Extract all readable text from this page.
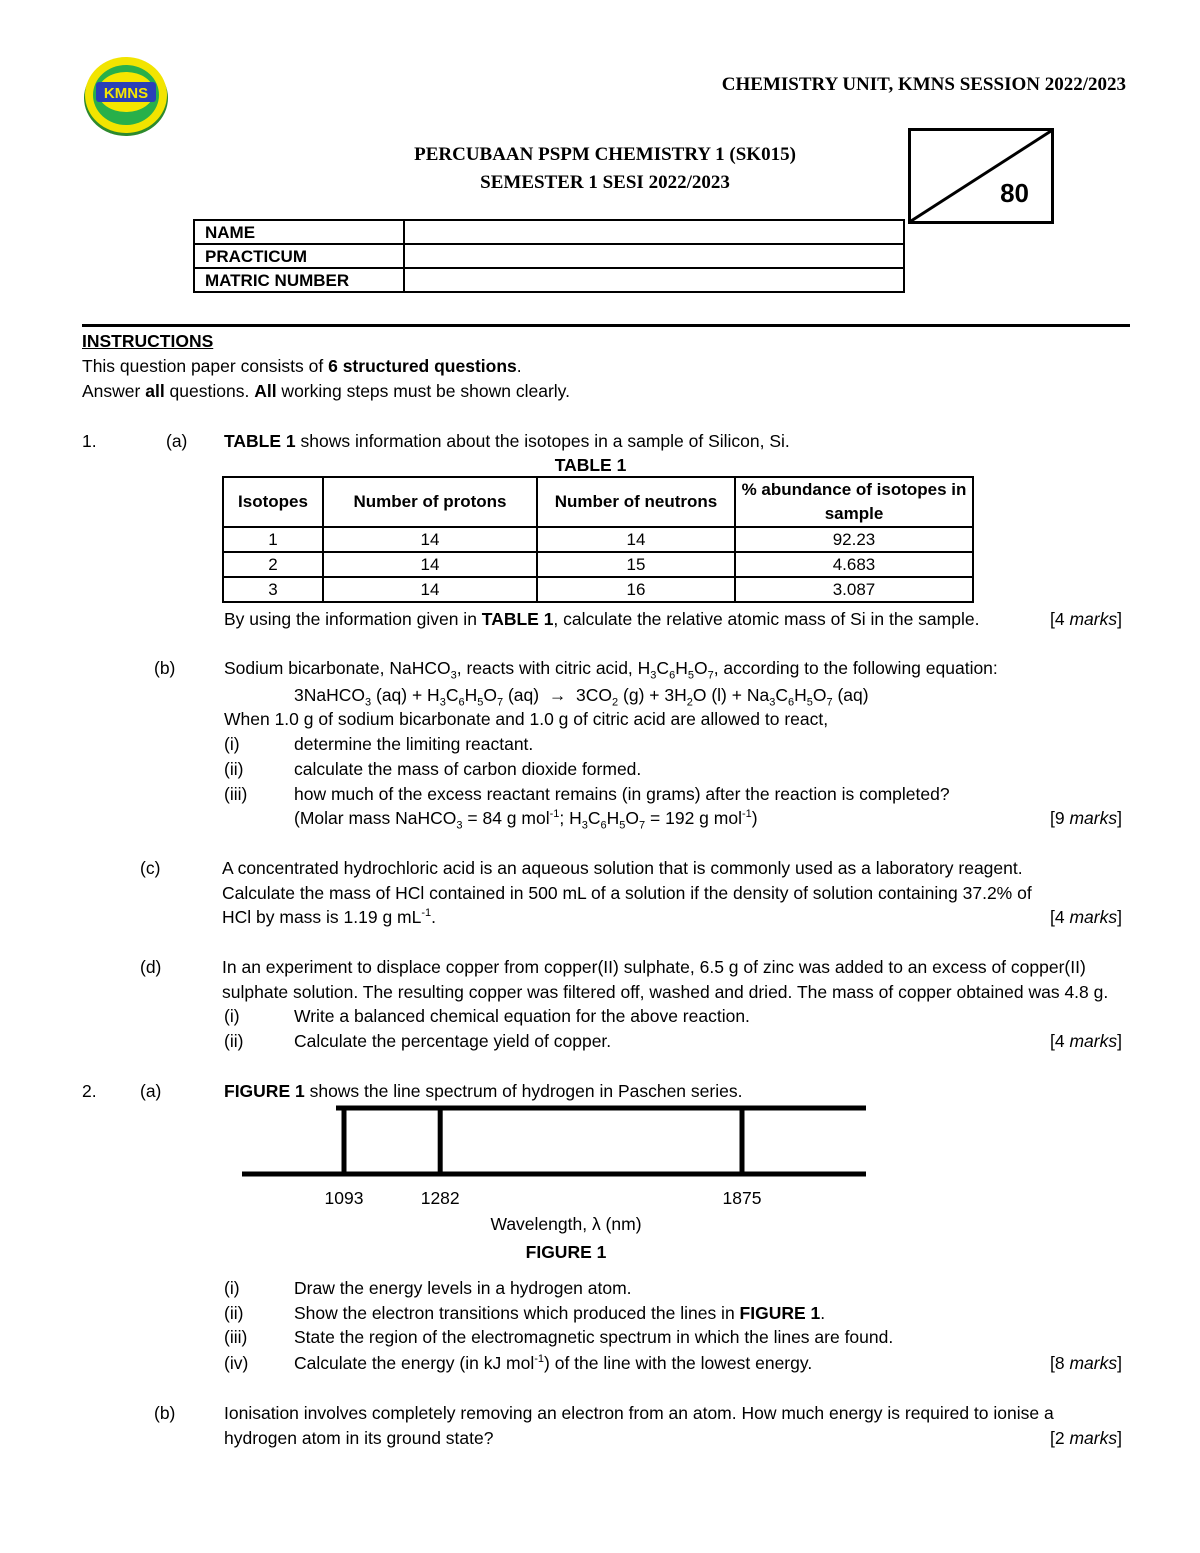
KMNS	CHEMISTRY UNIT, KMNS SESSION 2022/2023
PERCUBAAN PSPM CHEMISTRY 1 (SK015)
SEMESTER 1 SESI 2022/2023	80
NAME	
PRACTICUM	
MATRIC NUMBER	
INSTRUCTIONS
This question paper consists of 6 structured questions.
Answer all questions. All working steps must be shown clearly.
1.	(a) TABLE 1 shows information about the isotopes in a sample of Silicon, Si.
TABLE 1
Isotopes	Number of protons	Number of neutrons	% abundance of isotopes in sample
1	14	14	92.23
2	14	15	4.683
3	14	16	3.087
By using the information given in TABLE 1, calculate the relative atomic mass of Si in the sample.	[4 marks]
(b)	Sodium bicarbonate, NaHCO$_3$, reacts with citric acid, $H_3C_6H_5O_7$, according to the following equation:
3NaHCO$_3$ $(aq) + H_3C_6H_5O_7$ $(aq) \to 3CO_2$ $(g) + 3H_2O$ $(l) + Na_3C_6H_5O_7$ (aq)
When 1.0 g of sodium bicarbonate and 1.0 g of citric acid are allowed to react,
(i)	determine the limiting reactant.
(ii)	calculate the mass of carbon dioxide formed.
(iii)	how much of the excess reactant remains (in grams) after the reaction is completed?
(Molar mass NaHCO$_3$ = 84 g mol$^{-1}$; $H_3C_6H_5O_7 = 192$ g mol$^{-1}$)	[9 marks]
(c)	A concentrated hydrochloric acid is an aqueous solution that is commonly used as a laboratory reagent.
Calculate the mass of HCl contained in 500 mL of a solution if the density of solution containing 37.2% of
HCl by mass is 1.19 g $mL^{-1}$.	[4 marks]
(d)	In an experiment to displace copper from copper(II) sulphate, 6.5 g of zinc was added to an excess of copper(II)
sulphate solution. The resulting copper was filtered off, washed and dried. The mass of copper obtained was 4.8 g.
(i)	Write a balanced chemical equation for the above reaction.
(ii)	Calculate the percentage yield of copper.	[4 marks]
2. (a)	FIGURE 1 shows the line spectrum of hydrogen in Paschen series.
1093	1282	1875
Wavelength, λ (nm)
FIGURE 1
(i)	Draw the energy levels in a hydrogen atom.
(ii)	Show the electron transitions which produced the lines in FIGURE 1.
(iii)	State the region of the electromagnetic spectrum in which the lines are found.
(iv)	Calculate the energy (in kJ mol$^{-1}$) of the line with the lowest energy.	[8 marks]
(b)	Ionisation involves completely removing an electron from an atom. How much energy is required to ionise a
hydrogen atom in its ground state?	[2 marks]
